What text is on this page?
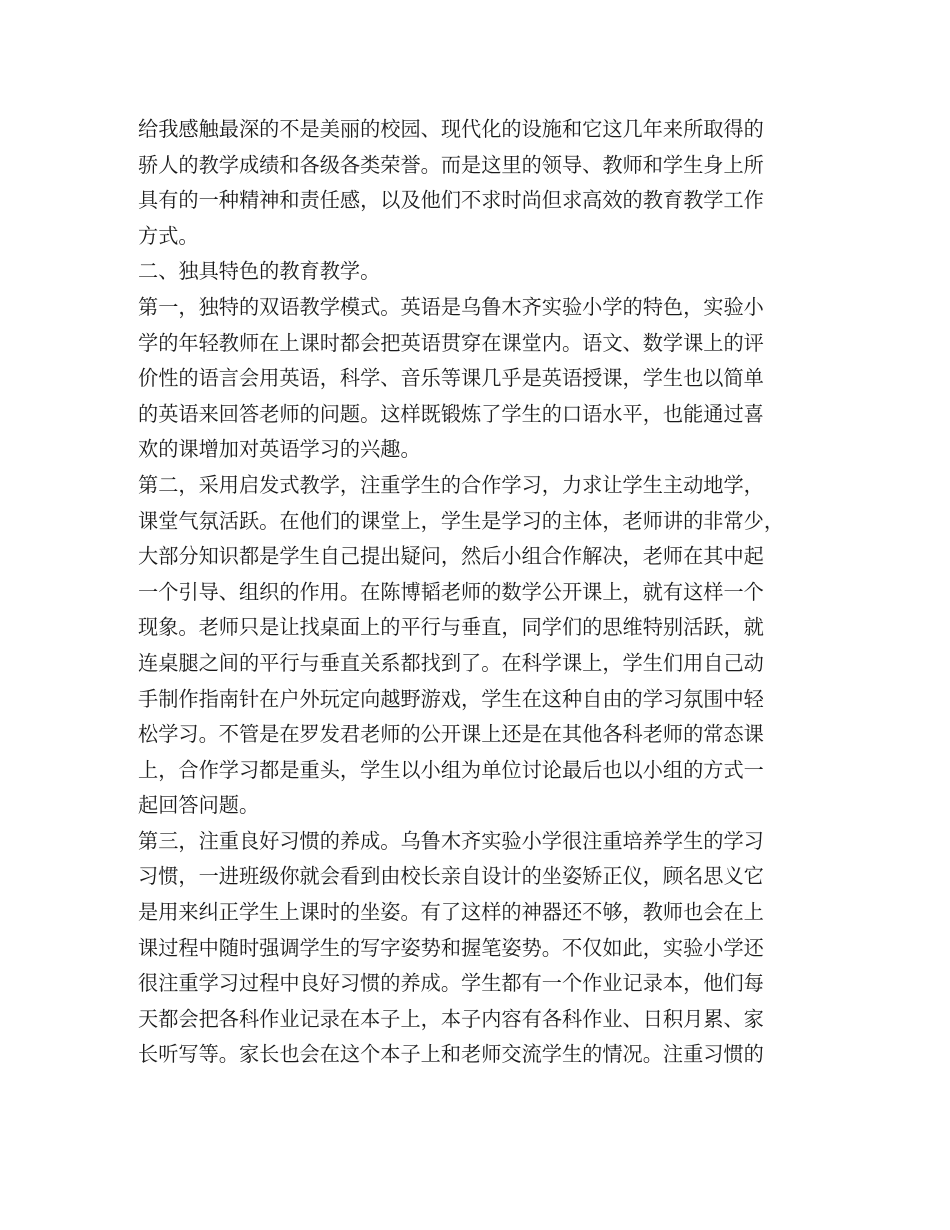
给我感触最深的不是美丽的校园、现代化的设施和它这几年来所取得的
骄人的教学成绩和各级各类荣誉。而是这里的领导、教师和学生身上所
具有的一种精神和责任感，以及他们不求时尚但求高效的教育教学工作
方式。
二、独具特色的教育教学。
第一，独特的双语教学模式。英语是乌鲁木齐实验小学的特色，实验小
学的年轻教师在上课时都会把英语贯穿在课堂内。语文、数学课上的评
价性的语言会用英语，科学、音乐等课几乎是英语授课，学生也以简单
的英语来回答老师的问题。这样既锻炼了学生的口语水平，也能通过喜
欢的课增加对英语学习的兴趣。
第二，采用启发式教学，注重学生的合作学习，力求让学生主动地学，
课堂气氛活跃。在他们的课堂上，学生是学习的主体，老师讲的非常少，
大部分知识都是学生自己提出疑问，然后小组合作解决，老师在其中起
一个引导、组织的作用。在陈博韬老师的数学公开课上，就有这样一个
现象。老师只是让找桌面上的平行与垂直，同学们的思维特别活跃，就
连桌腿之间的平行与垂直关系都找到了。在科学课上，学生们用自己动
手制作指南针在户外玩定向越野游戏，学生在这种自由的学习氛围中轻
松学习。不管是在罗发君老师的公开课上还是在其他各科老师的常态课
上，合作学习都是重头，学生以小组为单位讨论最后也以小组的方式一
起回答问题。
第三，注重良好习惯的养成。乌鲁木齐实验小学很注重培养学生的学习
习惯，一进班级你就会看到由校长亲自设计的坐姿矫正仪，顾名思义它
是用来纠正学生上课时的坐姿。有了这样的神器还不够，教师也会在上
课过程中随时强调学生的写字姿势和握笔姿势。不仅如此，实验小学还
很注重学习过程中良好习惯的养成。学生都有一个作业记录本，他们每
天都会把各科作业记录在本子上，本子内容有各科作业、日积月累、家
长听写等。家长也会在这个本子上和老师交流学生的情况。注重习惯的
